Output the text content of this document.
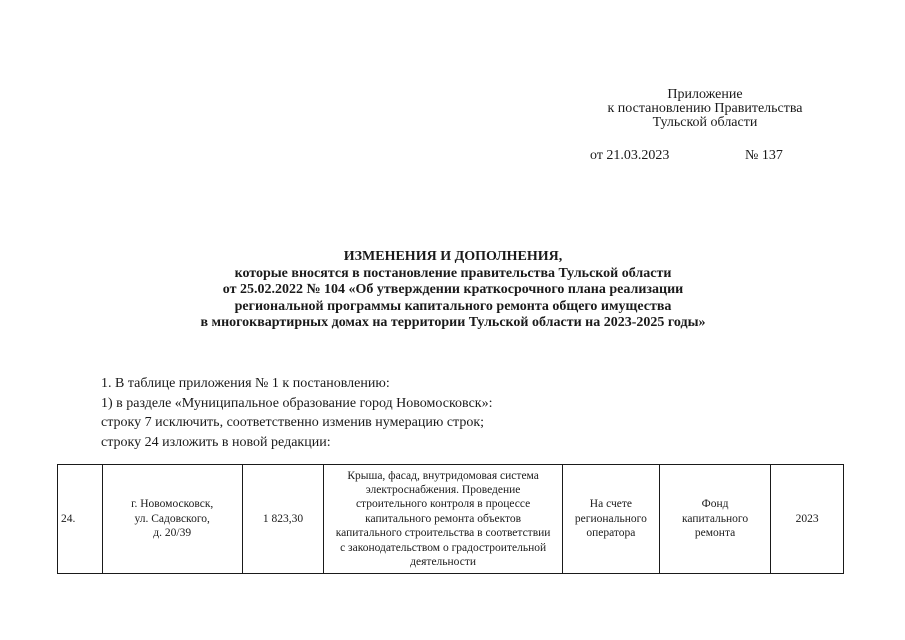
Приложение
к постановлению Правительства
Тульской области
от 21.03.2023	№ 137
ИЗМЕНЕНИЯ И ДОПОЛНЕНИЯ,
которые вносятся в постановление правительства Тульской области
от 25.02.2022 № 104 «Об утверждении краткосрочного плана реализации
региональной программы капитального ремонта общего имущества
в многоквартирных домах на территории Тульской области на 2023-2025 годы»
1. В таблице приложения № 1 к постановлению:
1) в разделе «Муниципальное образование город Новомосковск»:
строку 7 исключить, соответственно изменив нумерацию строк;
строку 24 изложить в новой редакции:
24.	г. Новомосковск,
ул. Садовского,
д. 20/39	1 823,30	Крыша, фасад, внутридомовая система
электроснабжения. Проведение
строительного контроля в процессе
капитального ремонта объектов
капитального строительства в соответствии
с законодательством о градостроительной
деятельности	На счете
регионального
оператора	Фонд
капитального
ремонта	2023
